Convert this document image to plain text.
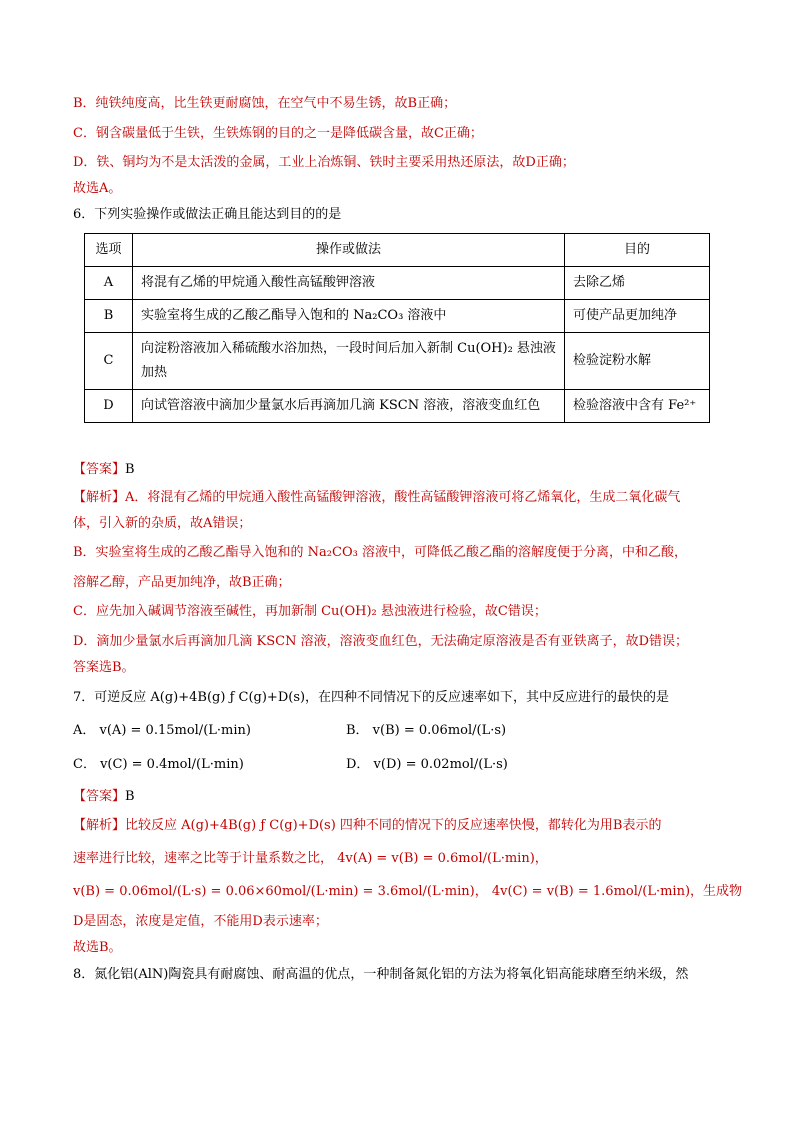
B．纯铁纯度高，比生铁更耐腐蚀，在空气中不易生锈，故B正确；
C．钢含碳量低于生铁，生铁炼钢的目的之一是降低碳含量，故C正确；
D．铁、铜均为不是太活泼的金属，工业上冶炼铜、铁时主要采用热还原法，故D正确；
故选A。
6．下列实验操作或做法正确且能达到目的的是
选项	操作或做法	目的
A	将混有乙烯的甲烷通入酸性高锰酸钾溶液	去除乙烯
B	实验室将生成的乙酸乙酯导入饱和的 Na₂CO₃ 溶液中	可使产品更加纯净
C	向淀粉溶液加入稀硫酸水浴加热，一段时间后加入新制 Cu(OH)₂ 悬浊液加热	检验淀粉水解
D	向试管溶液中滴加少量氯水后再滴加几滴 KSCN 溶液，溶液变血红色	检验溶液中含有 Fe²⁺
【答案】B
【解析】A．将混有乙烯的甲烷通入酸性高锰酸钾溶液，酸性高锰酸钾溶液可将乙烯氧化，生成二氧化碳气
体，引入新的杂质，故A错误；
B．实验室将生成的乙酸乙酯导入饱和的 Na₂CO₃ 溶液中，可降低乙酸乙酯的溶解度便于分离，中和乙酸，
溶解乙醇，产品更加纯净，故B正确；
C．应先加入碱调节溶液至碱性，再加新制 Cu(OH)₂ 悬浊液进行检验，故C错误；
D．滴加少量氯水后再滴加几滴 KSCN 溶液，溶液变血红色，无法确定原溶液是否有亚铁离子，故D错误；
答案选B。
7．可逆反应 A(g)+4B(g) ƒ C(g)+D(s)，在四种不同情况下的反应速率如下，其中反应进行的最快的是
A． v(A) = 0.15mol/(L·min)	B． v(B) = 0.06mol/(L·s)
C． v(C) = 0.4mol/(L·min)	D． v(D) = 0.02mol/(L·s)
【答案】B
【解析】比较反应 A(g)+4B(g) ƒ C(g)+D(s) 四种不同的情况下的反应速率快慢，都转化为用B表示的
速率进行比较，速率之比等于计量系数之比， 4v(A) = v(B) = 0.6mol/(L·min)，
v(B) = 0.06mol/(L·s) = 0.06×60mol/(L·min) = 3.6mol/(L·min)， 4v(C) = v(B) = 1.6mol/(L·min)，生成物
D是固态，浓度是定值，不能用D表示速率；
故选B。
8．氮化铝(AlN)陶瓷具有耐腐蚀、耐高温的优点，一种制备氮化铝的方法为将氧化铝高能球磨至纳米级，然
